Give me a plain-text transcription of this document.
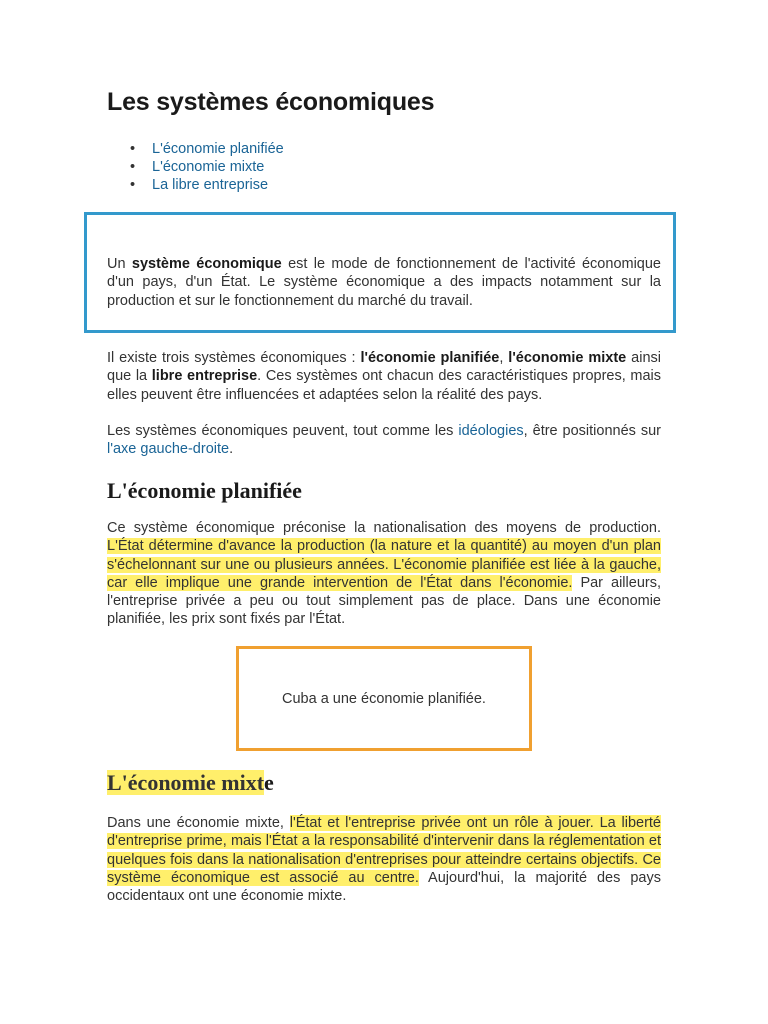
Les systèmes économiques
• L'économie planifiée
• L'économie mixte
• La libre entreprise

Un système économique est le mode de fonctionnement de l'activité économique d'un pays, d'un État. Le système économique a des impacts notamment sur la production et sur le fonctionnement du marché du travail.

Il existe trois systèmes économiques : l'économie planifiée, l'économie mixte ainsi que la libre entreprise. Ces systèmes ont chacun des caractéristiques propres, mais elles peuvent être influencées et adaptées selon la réalité des pays.

Les systèmes économiques peuvent, tout comme les idéologies, être positionnés sur l'axe gauche-droite.

L'économie planifiée

Ce système économique préconise la nationalisation des moyens de production. L'État détermine d'avance la production (la nature et la quantité) au moyen d'un plan s'échelonnant sur une ou plusieurs années. L'économie planifiée est liée à la gauche, car elle implique une grande intervention de l'État dans l'économie. Par ailleurs, l'entreprise privée a peu ou tout simplement pas de place. Dans une économie planifiée, les prix sont fixés par l'État.

Cuba a une économie planifiée.
L'économie mixte

Dans une économie mixte, l'État et l'entreprise privée ont un rôle à jouer. La liberté d'entreprise prime, mais l'État a la responsabilité d'intervenir dans la réglementation et quelques fois dans la nationalisation d'entreprises pour atteindre certains objectifs. Ce système économique est associé au centre. Aujourd'hui, la majorité des pays occidentaux ont une économie mixte.
